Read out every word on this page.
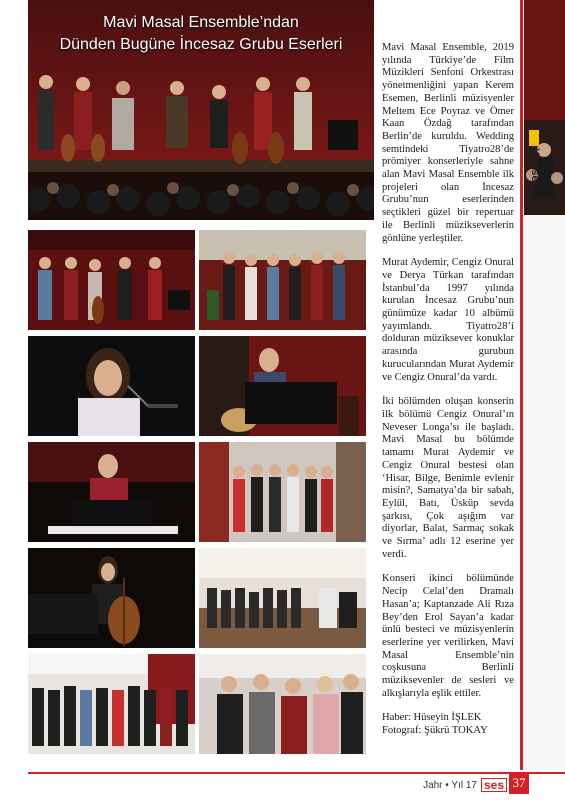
Konser
Mavi Masal Ensemble’ndan
Dünden Bugüne İncesaz Grubu Eserleri	Mavi Masal Ensemble, 2019 yılında Türkiye’de Film Müzikleri Senfoni Orkestrası yönetmenliğini yapan Kerem Esemen, Berlinli müzisyenler Meltem Ece Poyraz ve Ömer Kaan Özdağ tarafından Berlin’de kuruldu. Wedding semtindeki Tiyatro28’de prömiyer konserleriyle sahne alan Mavi Masal Ensemble ilk projeleri olan İncesaz Grubu’nun eserlerinden seçtikleri güzel bir repertuar ile Berlinli müzikseverlerin gönlüne yerleştiler.

Murat Aydemir, Cengiz Onural ve Derya Türkan tarafından İstanbul’da 1997 yılında kurulan İncesaz Grubu’nun günümüze kadar 10 albümü yayımlandı. Tiyatro28’i dolduran müziksever konuklar arasında gurubun kurucularından Murat Aydemir ve Cengiz Onural’da vardı.

İki bölümden oluşan konserin ilk bölümü Cengiz Onural’ın Neveser Longa’sı ile başladı. Mavi Masal bu bölümde tamamı Murat Aydemir ve Cengiz Onural bestesi olan ‘Hisar, Bilge, Benimle evlenir misin?, Samatya’da bir sabah, Eylül, Batı, Üsküp sevda şarkısı, Çok aşığım var diyorlar, Balat, Sarmaç sokak ve Sırma’ adlı 12 eserine yer verdi.

Konseri ikinci bölümünde Necip Celal’den Dramalı Hasan’a; Kaptanzade Ali Rıza Bey’den Erol Sayan’a kadar ünlü besteci ve müzisyenlerin eserlerine yer verilirken, Mavi Masal Ensemble’nin coşkusuna Berlinli müziksevenler de sesleri ve alkışlarıyla eşlik ettiler.

Haber: Hüseyin İŞLEK

Fotograf: Şükrü TOKAY

Jahr • Yıl 17 ses 37
